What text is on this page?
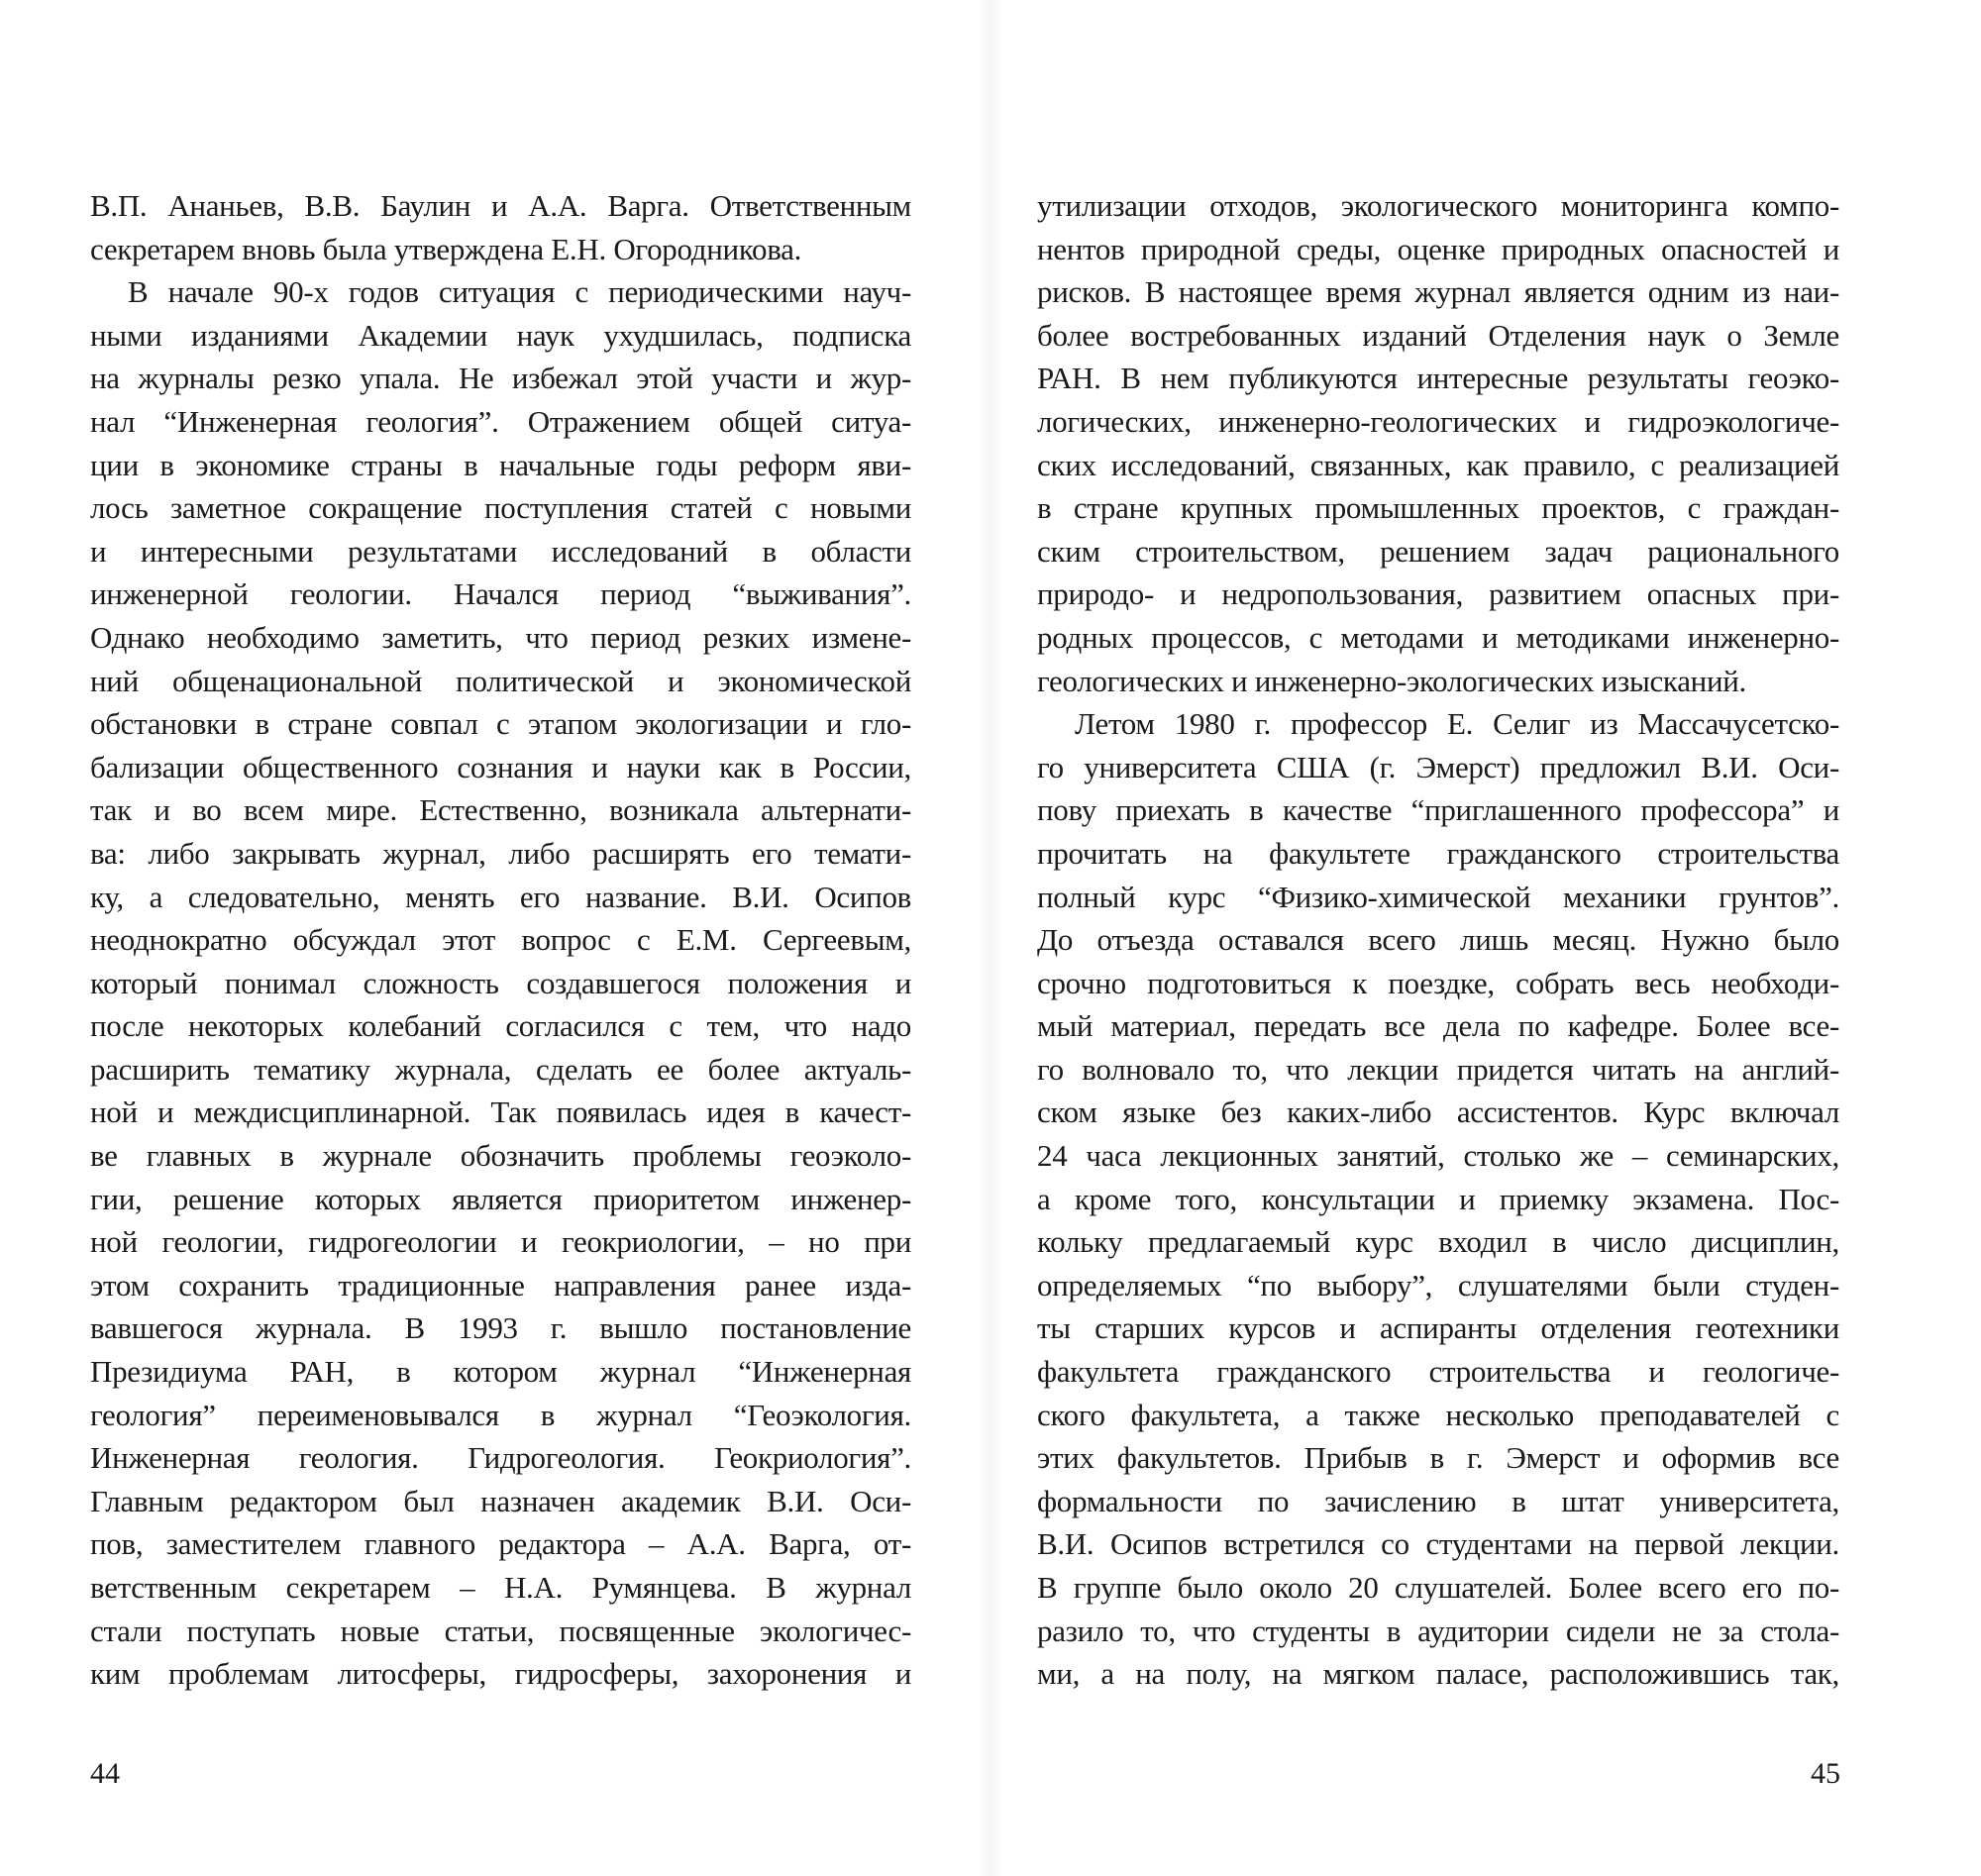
В.П. Ананьев, В.В. Баулин и А.А. Варга. Ответственным
секретарем вновь была утверждена Е.Н. Огородникова.
В начале 90-х годов ситуация с периодическими науч-
ными изданиями Академии наук ухудшилась, подписка
на журналы резко упала. Не избежал этой участи и жур-
нал “Инженерная геология”. Отражением общей ситуа-
ции в экономике страны в начальные годы реформ яви-
лось заметное сокращение поступления статей с новыми
и интересными результатами исследований в области
инженерной геологии. Начался период “выживания”.
Однако необходимо заметить, что период резких измене-
ний общенациональной политической и экономической
обстановки в стране совпал с этапом экологизации и гло-
бализации общественного сознания и науки как в России,
так и во всем мире. Естественно, возникала альтернати-
ва: либо закрывать журнал, либо расширять его темати-
ку, а следовательно, менять его название. В.И. Осипов
неоднократно обсуждал этот вопрос с Е.М. Сергеевым,
который понимал сложность создавшегося положения и
после некоторых колебаний согласился с тем, что надо
расширить тематику журнала, сделать ее более актуаль-
ной и междисциплинарной. Так появилась идея в качест-
ве главных в журнале обозначить проблемы геоэколо-
гии, решение которых является приоритетом инженер-
ной геологии, гидрогеологии и геокриологии, – но при
этом сохранить традиционные направления ранее изда-
вавшегося журнала. В 1993 г. вышло постановление
Президиума РАН, в котором журнал “Инженерная
геология” переименовывался в журнал “Геоэкология.
Инженерная геология. Гидрогеология. Геокриология”.
Главным редактором был назначен академик В.И. Оси-
пов, заместителем главного редактора – А.А. Варга, от-
ветственным секретарем – Н.А. Румянцева. В журнал
стали поступать новые статьи, посвященные экологичес-
ким проблемам литосферы, гидросферы, захоронения и
44
утилизации отходов, экологического мониторинга компо-
нентов природной среды, оценке природных опасностей и
рисков. В настоящее время журнал является одним из наи-
более востребованных изданий Отделения наук о Земле
РАН. В нем публикуются интересные результаты геоэко-
логических, инженерно-геологических и гидроэкологиче-
ских исследований, связанных, как правило, с реализацией
в стране крупных промышленных проектов, с граждан-
ским строительством, решением задач рационального
природо- и недропользования, развитием опасных при-
родных процессов, с методами и методиками инженерно-
геологических и инженерно-экологических изысканий.
Летом 1980 г. профессор Е. Селиг из Массачусетско-
го университета США (г. Эмерст) предложил В.И. Оси-
пову приехать в качестве “приглашенного профессора” и
прочитать на факультете гражданского строительства
полный курс “Физико-химической механики грунтов”.
До отъезда оставался всего лишь месяц. Нужно было
срочно подготовиться к поездке, собрать весь необходи-
мый материал, передать все дела по кафедре. Более все-
го волновало то, что лекции придется читать на англий-
ском языке без каких-либо ассистентов. Курс включал
24 часа лекционных занятий, столько же – семинарских,
а кроме того, консультации и приемку экзамена. Пос-
кольку предлагаемый курс входил в число дисциплин,
определяемых “по выбору”, слушателями были студен-
ты старших курсов и аспиранты отделения геотехники
факультета гражданского строительства и геологиче-
ского факультета, а также несколько преподавателей с
этих факультетов. Прибыв в г. Эмерст и оформив все
формальности по зачислению в штат университета,
В.И. Осипов встретился со студентами на первой лекции.
В группе было около 20 слушателей. Более всего его по-
разило то, что студенты в аудитории сидели не за стола-
ми, а на полу, на мягком паласе, расположившись так,
45
